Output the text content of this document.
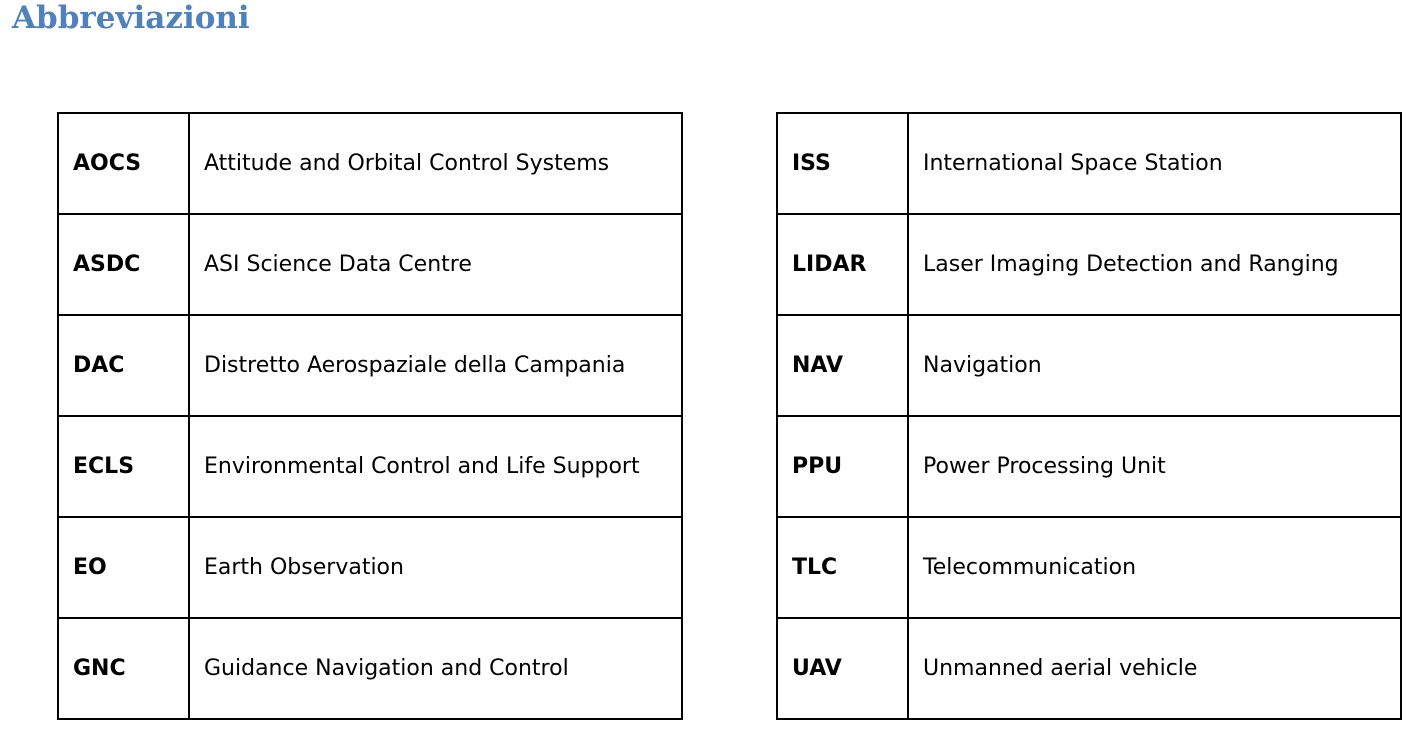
Abbreviazioni
AOCS	Attitude and Orbital Control Systems
ASDC	ASI Science Data Centre
DAC	Distretto Aerospaziale della Campania
ECLS	Environmental Control and Life Support
EO	Earth Observation
GNC	Guidance Navigation and Control
ISS	International Space Station
LIDAR	Laser Imaging Detection and Ranging
NAV	Navigation
PPU	Power Processing Unit
TLC	Telecommunication
UAV	Unmanned aerial vehicle
